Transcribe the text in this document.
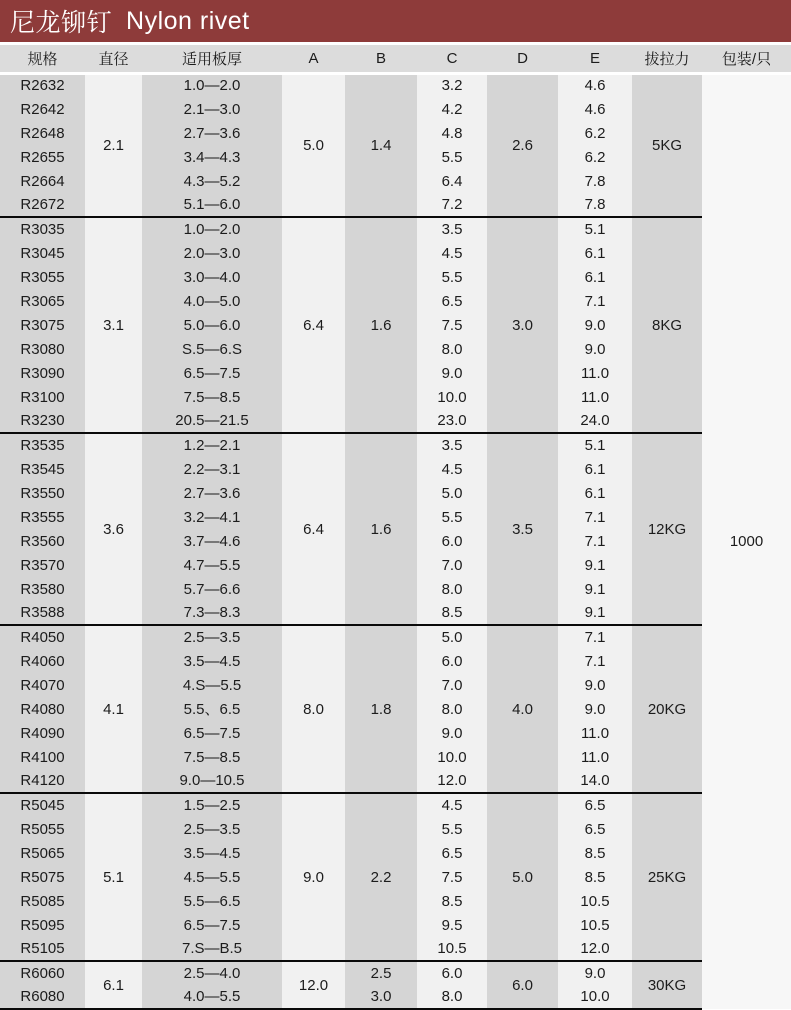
尼龙铆钉 Nylon rivet
规格	直径	适用板厚	A	B	C	D	E	拔拉力	包装/只
R2632	2.1	1.0—2.0	5.0	1.4	3.2	2.6	4.6	5KG	1000
R2642		2.1—3.0			4.2		4.6		
R2648		2.7—3.6			4.8		6.2		
R2655		3.4—4.3			5.5		6.2		
R2664		4.3—5.2			6.4		7.8		
R2672		5.1—6.0			7.2		7.8		
R3035	3.1	1.0—2.0	6.4	1.6	3.5	3.0	5.1	8KG	
R3045		2.0—3.0			4.5		6.1		
R3055		3.0—4.0			5.5		6.1		
R3065		4.0—5.0			6.5		7.1		
R3075		5.0—6.0			7.5		9.0		
R3080		S.5—6.S			8.0		9.0		
R3090		6.5—7.5			9.0		11.0		
R3100		7.5—8.5			10.0		11.0		
R3230		20.5—21.5			23.0		24.0		
R3535	3.6	1.2—2.1	6.4	1.6	3.5	3.5	5.1	12KG	
R3545		2.2—3.1			4.5		6.1		
R3550		2.7—3.6			5.0		6.1		
R3555		3.2—4.1			5.5		7.1		
R3560		3.7—4.6			6.0		7.1		
R3570		4.7—5.5			7.0		9.1		
R3580		5.7—6.6			8.0		9.1		
R3588		7.3—8.3			8.5		9.1		
R4050	4.1	2.5—3.5	8.0	1.8	5.0	4.0	7.1	20KG	
R4060		3.5—4.5			6.0		7.1		
R4070		4.S—5.5			7.0		9.0		
R4080		5.5、6.5			8.0		9.0		
R4090		6.5—7.5			9.0		11.0		
R4100		7.5—8.5			10.0		11.0		
R4120		9.0—10.5			12.0		14.0		
R5045	5.1	1.5—2.5	9.0	2.2	4.5	5.0	6.5	25KG	
R5055		2.5—3.5			5.5		6.5		
R5065		3.5—4.5			6.5		8.5		
R5075		4.5—5.5			7.5		8.5		
R5085		5.5—6.5			8.5		10.5		
R5095		6.5—7.5			9.5		10.5		
R5105		7.S—B.5			10.5		12.0		
R6060	6.1	2.5—4.0	12.0	2.5	6.0	6.0	9.0	30KG	
R6080		4.0—5.5		3.0	8.0		10.0		
